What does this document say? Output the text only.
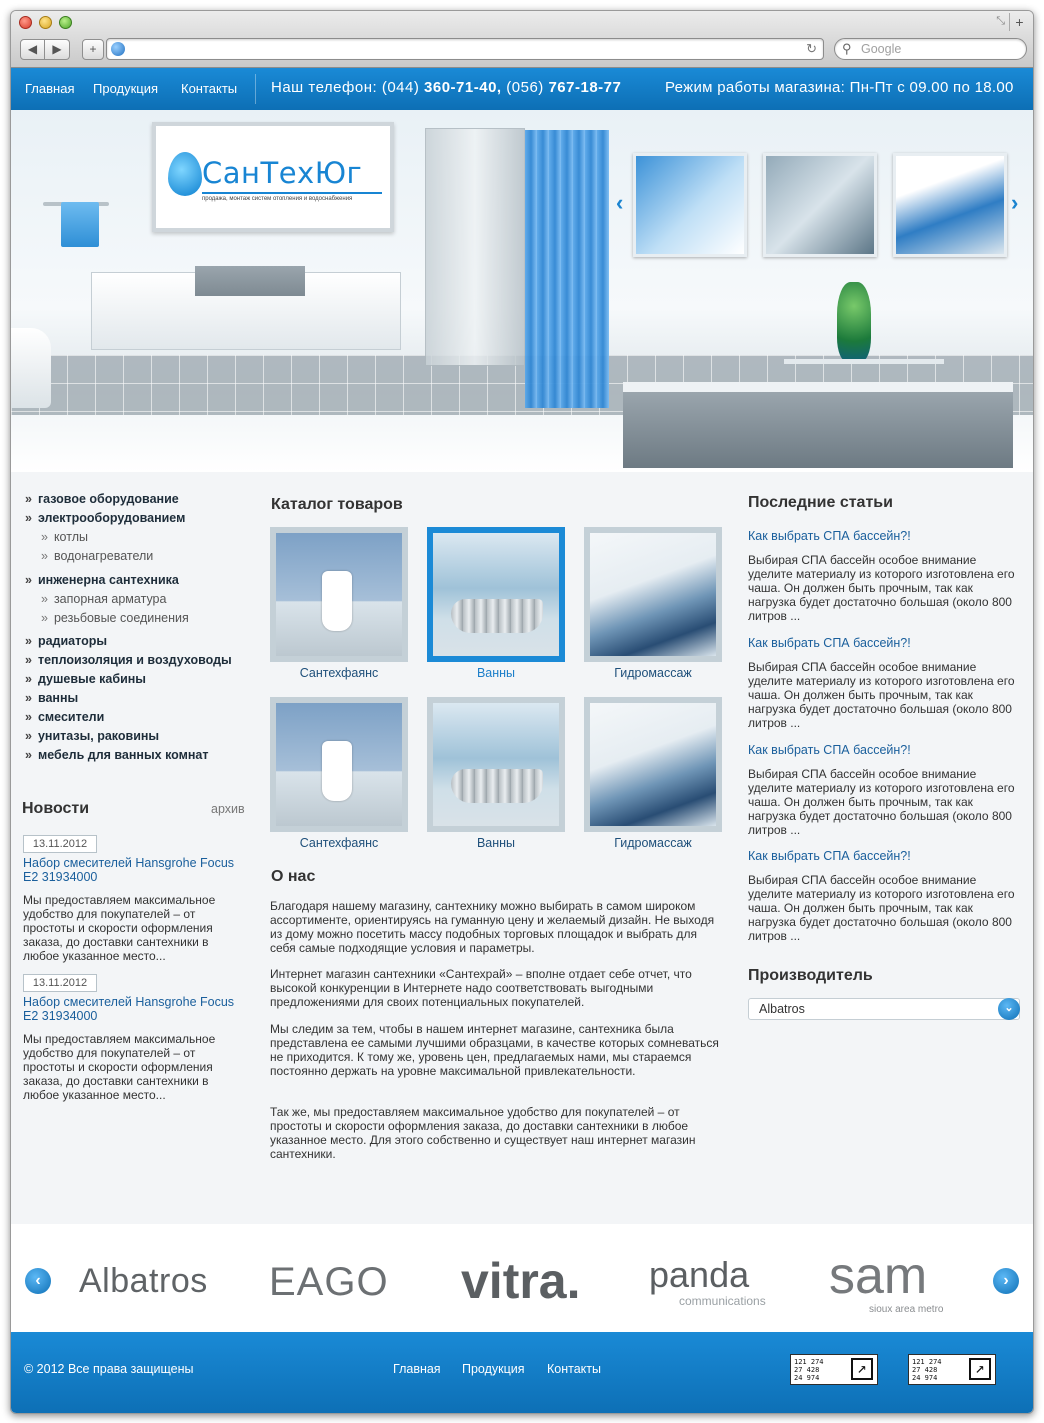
⤡ +
◀	▶	+	↻ ⚲ Google
Главная Продукция Контакты Наш телефон: (044) 360-71-40, (056) 767-18-77	Режим работы магазина: Пн-Пт с 09.00 по 18.00
СанТехЮг
продажа, монтаж систем отопления и водоснабжения	‹	›
» газовое оборудование
» электрооборудованием
» котлы
» водонагреватели
» инженерна сантехника
» запорная арматура
» резьбовые соединения
» радиаторы
» теплоизоляция и воздуховоды
» душевые кабины
» ванны
» смесители
» унитазы, раковины
» мебель для ванных комнат
Новости	архив
13.11.2012
Набор смесителей Hansgrohe Focus E2 31934000
Мы предоставляем максимальное удобство для покупателей – от простоты и скорости оформления заказа, до доставки сантехники в любое указанное место...
13.11.2012
Набор смесителей Hansgrohe Focus E2 31934000
Мы предоставляем максимальное удобство для покупателей – от простоты и скорости оформления заказа, до доставки сантехники в любое указанное место...
Каталог товаров
Сантехфаянс	Ванны	Гидромассаж
Сантехфаянс	Ванны	Гидромассаж
О нас
Благодаря нашему магазину, сантехнику можно выбирать в самом широком ассортименте, ориентируясь на гуманную цену и желаемый дизайн. Не выходя из дому можно посетить массу подобных торговых площадок и выбрать для себя самые подходящие условия и параметры.
Интернет магазин сантехники «Сантехрай» – вполне отдает себе отчет, что высокой конкуренции в Интернете надо соответствовать выгодными предложениями для своих потенциальных покупателей.
Мы следим за тем, чтобы в нашем интернет магазине, сантехника была представлена ее самыми лучшими образцами, в качестве которых сомневаться не приходится. К тому же, уровень цен, предлагаемых нами, мы стараемся постоянно держать на уровне максимальной привлекательности.
Так же, мы предоставляем максимальное удобство для покупателей – от простоты и скорости оформления заказа, до доставки сантехники в любое указанное место. Для этого собственно и существует наш интернет магазин сантехники.
Последние статьи
Как выбрать СПА бассейн?!
Выбирая СПА бассейн особое внимание уделите материалу из которого изготовлена его чаша. Он должен быть прочным, так как нагрузка будет достаточно большая (около 800 литров ...
Как выбрать СПА бассейн?!
Выбирая СПА бассейн особое внимание уделите материалу из которого изготовлена его чаша. Он должен быть прочным, так как нагрузка будет достаточно большая (около 800 литров ...
Как выбрать СПА бассейн?!
Выбирая СПА бассейн особое внимание уделите материалу из которого изготовлена его чаша. Он должен быть прочным, так как нагрузка будет достаточно большая (около 800 литров ...
Как выбрать СПА бассейн?!
Выбирая СПА бассейн особое внимание уделите материалу из которого изготовлена его чаша. Он должен быть прочным, так как нагрузка будет достаточно большая (около 800 литров ...
Производитель
Albatros	⌄
‹	Albatros EAGO vitra. panda
communications sam
sioux area metro
›
© 2012 Все права защищены	Главная Продукция Контакты	121 274
27 428
24 974
↗	121 274
27 428
24 974
↗
